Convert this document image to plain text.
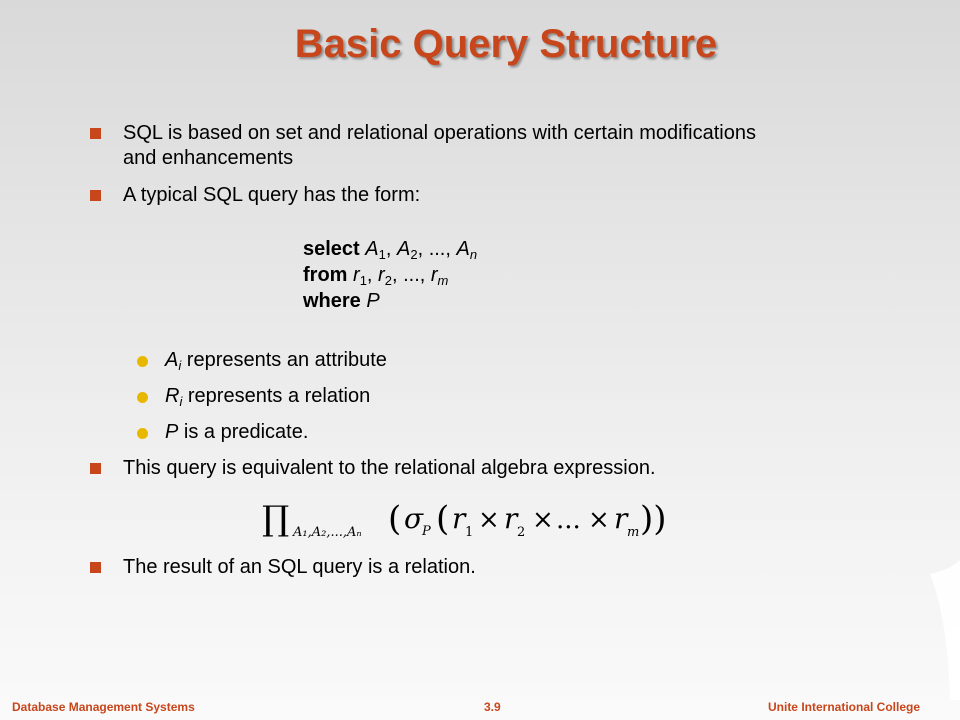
Basic Query Structure
SQL is based on set and relational operations with certain modifications and enhancements
A typical SQL query has the form:
select $A_1$, $A_2$, ..., $A_n$
from $r_1$, $r_2$, ..., $r_m$
where P
$A_i$ represents an attribute
$R_i$ represents a relation
P is a predicate.
This query is equivalent to the relational algebra expression.
∏ A₁,A₂,...,Aₙ ( σ
P ( r 1 × r 2 × ... × r m ))
The result of an SQL query is a relation.
Database Management Systems	3.9	Unite International College
